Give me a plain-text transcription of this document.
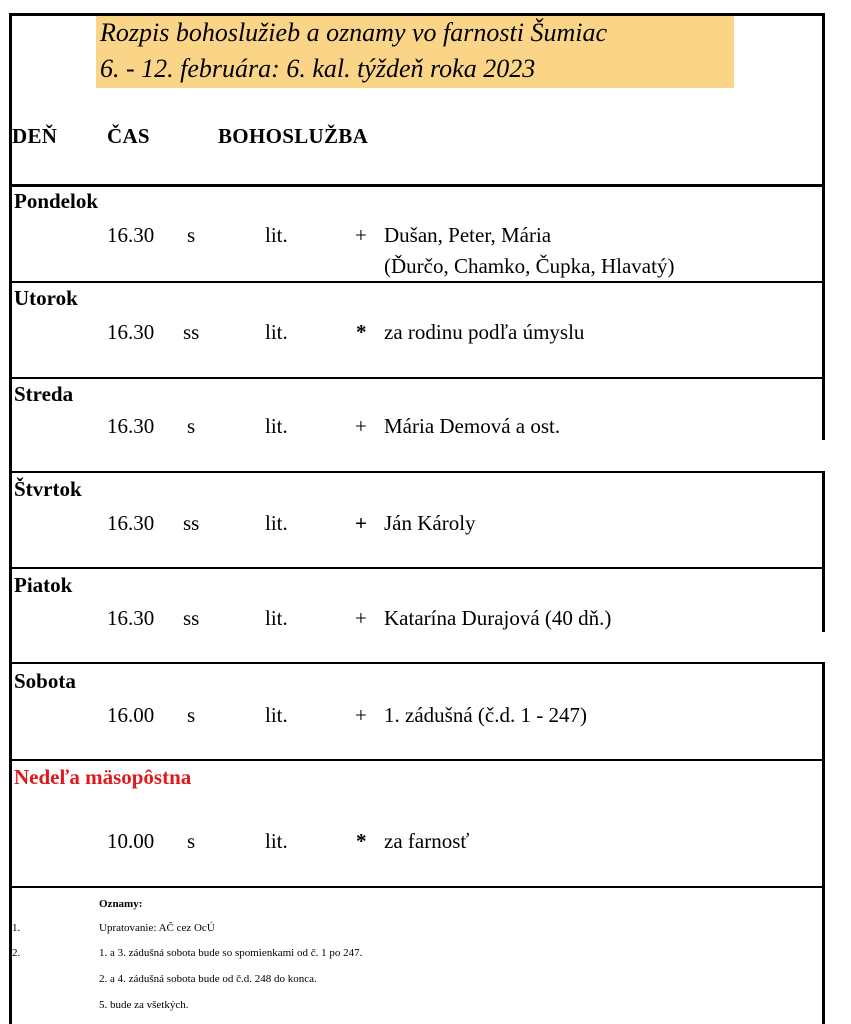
Rozpis bohoslužieb a oznamy vo farnosti Šumiac
6. - 12. februára: 6. kal. týždeň roka 2023
DEŇ ČAS	BOHOSLUŽBA
Pondelok
16.30 s	lit.	+ Dušan, Peter, Mária
(Ďurčo, Chamko, Čupka, Hlavatý)
Utorok
16.30 ss	lit.	* za rodinu podľa úmyslu
Streda
16.30 s	lit.	+ Mária Demová a ost.
Štvrtok
16.30 ss	lit.	+ Ján Károly
Piatok
16.30 ss	lit.	+ Katarína Durajová (40 dň.)
Sobota
16.00 s	lit.	+ 1. zádušná (č.d. 1 - 247)
Nedeľa mäsopôstna
10.00 s	lit.	* za farnosť
Oznamy:
1.	Upratovanie: AČ cez OcÚ
2.	1. a 3. zádušná sobota bude so spomienkami od č. 1 po 247.
2. a 4. zádušná sobota bude od č.d. 248 do konca.
5. bude za všetkých.
